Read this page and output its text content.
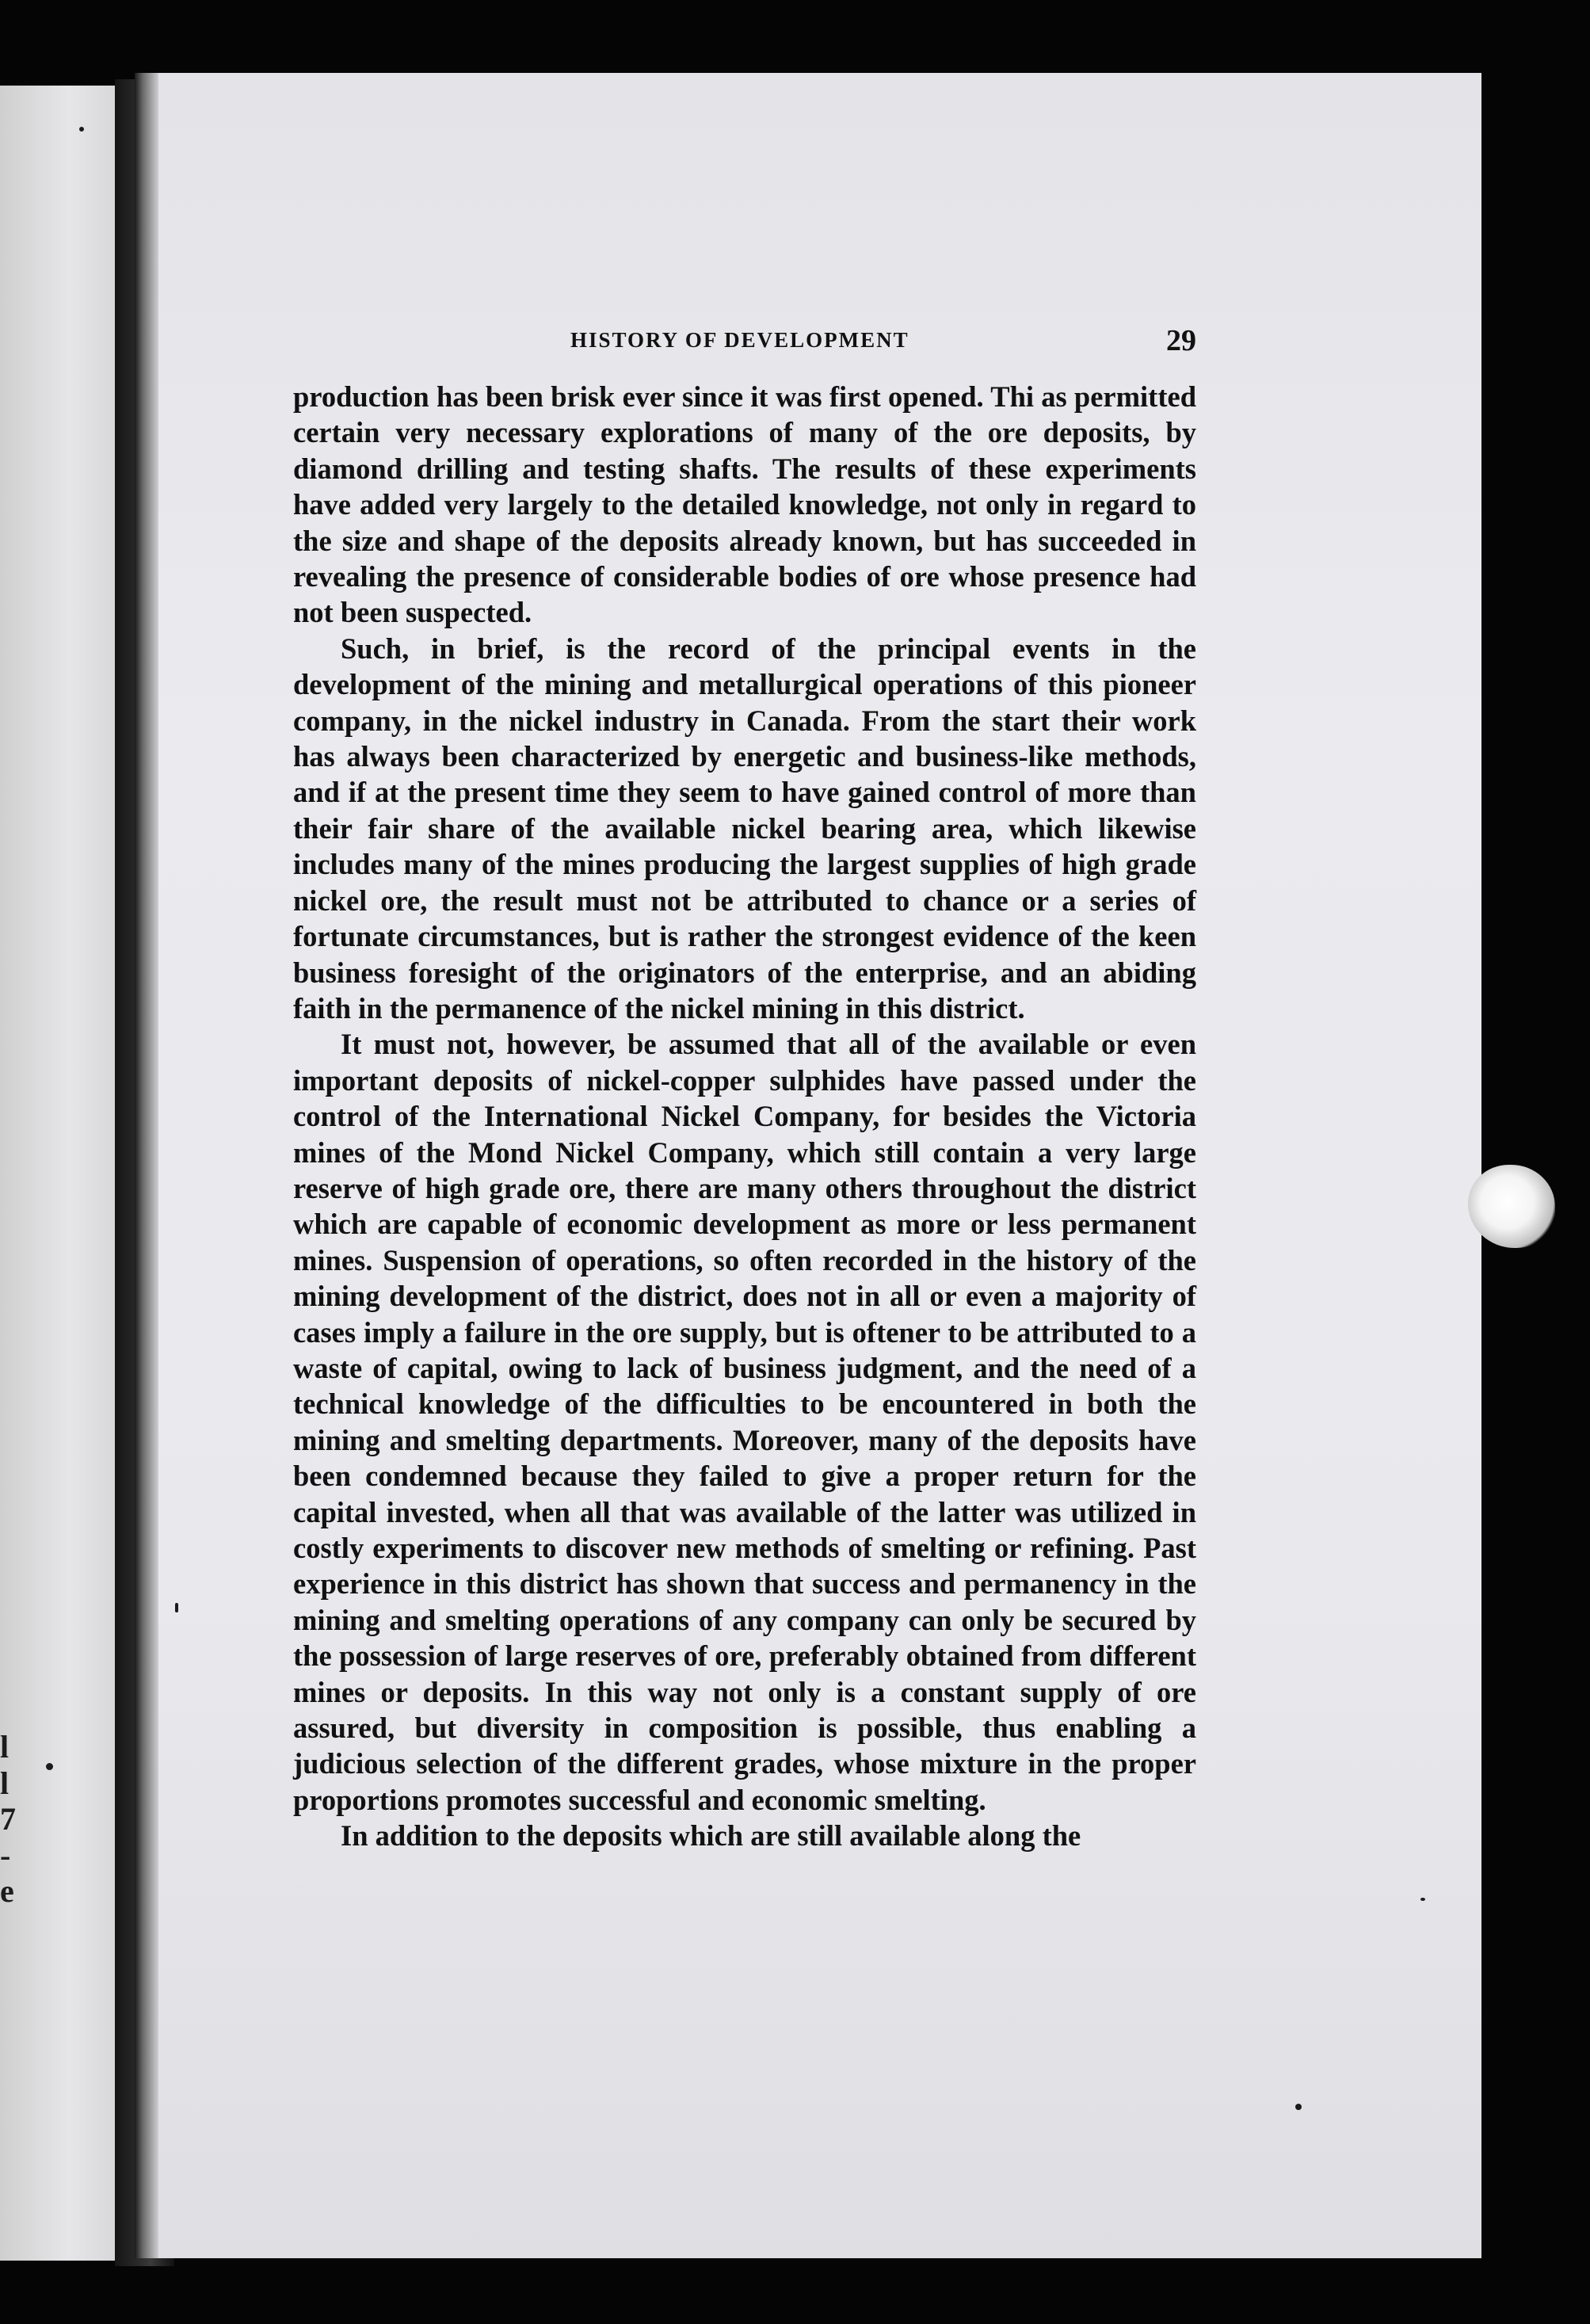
l
l
7
-
e
HISTORY OF DEVELOPMENT	29

production has been brisk ever since it was first opened. Thi as permitted certain very necessary explorations of many of the ore deposits, by diamond drilling and testing shafts. The results of these experiments have added very largely to the detailed knowledge, not only in regard to the size and shape of the deposits already known, but has succeeded in revealing the presence of considerable bodies of ore whose presence had not been suspected.

Such, in brief, is the record of the principal events in the development of the mining and metallurgical operations of this pioneer company, in the nickel industry in Canada. From the start their work has always been characterized by energetic and business-like methods, and if at the present time they seem to have gained control of more than their fair share of the available nickel bearing area, which likewise includes many of the mines producing the largest supplies of high grade nickel ore, the result must not be attributed to chance or a series of fortunate circumstances, but is rather the strongest evidence of the keen business foresight of the originators of the enterprise, and an abiding faith in the permanence of the nickel mining in this district.

It must not, however, be assumed that all of the available or even important deposits of nickel-copper sulphides have passed under the control of the International Nickel Company, for besides the Victoria mines of the Mond Nickel Company, which still contain a very large reserve of high grade ore, there are many others throughout the district which are capable of economic development as more or less permanent mines. Suspension of operations, so often recorded in the history of the mining development of the district, does not in all or even a majority of cases imply a failure in the ore supply, but is oftener to be attributed to a waste of capital, owing to lack of business judgment, and the need of a technical knowledge of the difficulties to be encountered in both the mining and smelting departments. Moreover, many of the deposits have been condemned because they failed to give a proper return for the capital invested, when all that was available of the latter was utilized in costly experiments to discover new methods of smelting or refining. Past experience in this district has shown that success and permanency in the mining and smelting operations of any company can only be secured by the possession of large reserves of ore, preferably obtained from different mines or deposits. In this way not only is a constant supply of ore assured, but diversity in composition is possible, thus enabling a judicious selection of the different grades, whose mixture in the proper proportions promotes successful and economic smelting.

In addition to the deposits which are still available along the
